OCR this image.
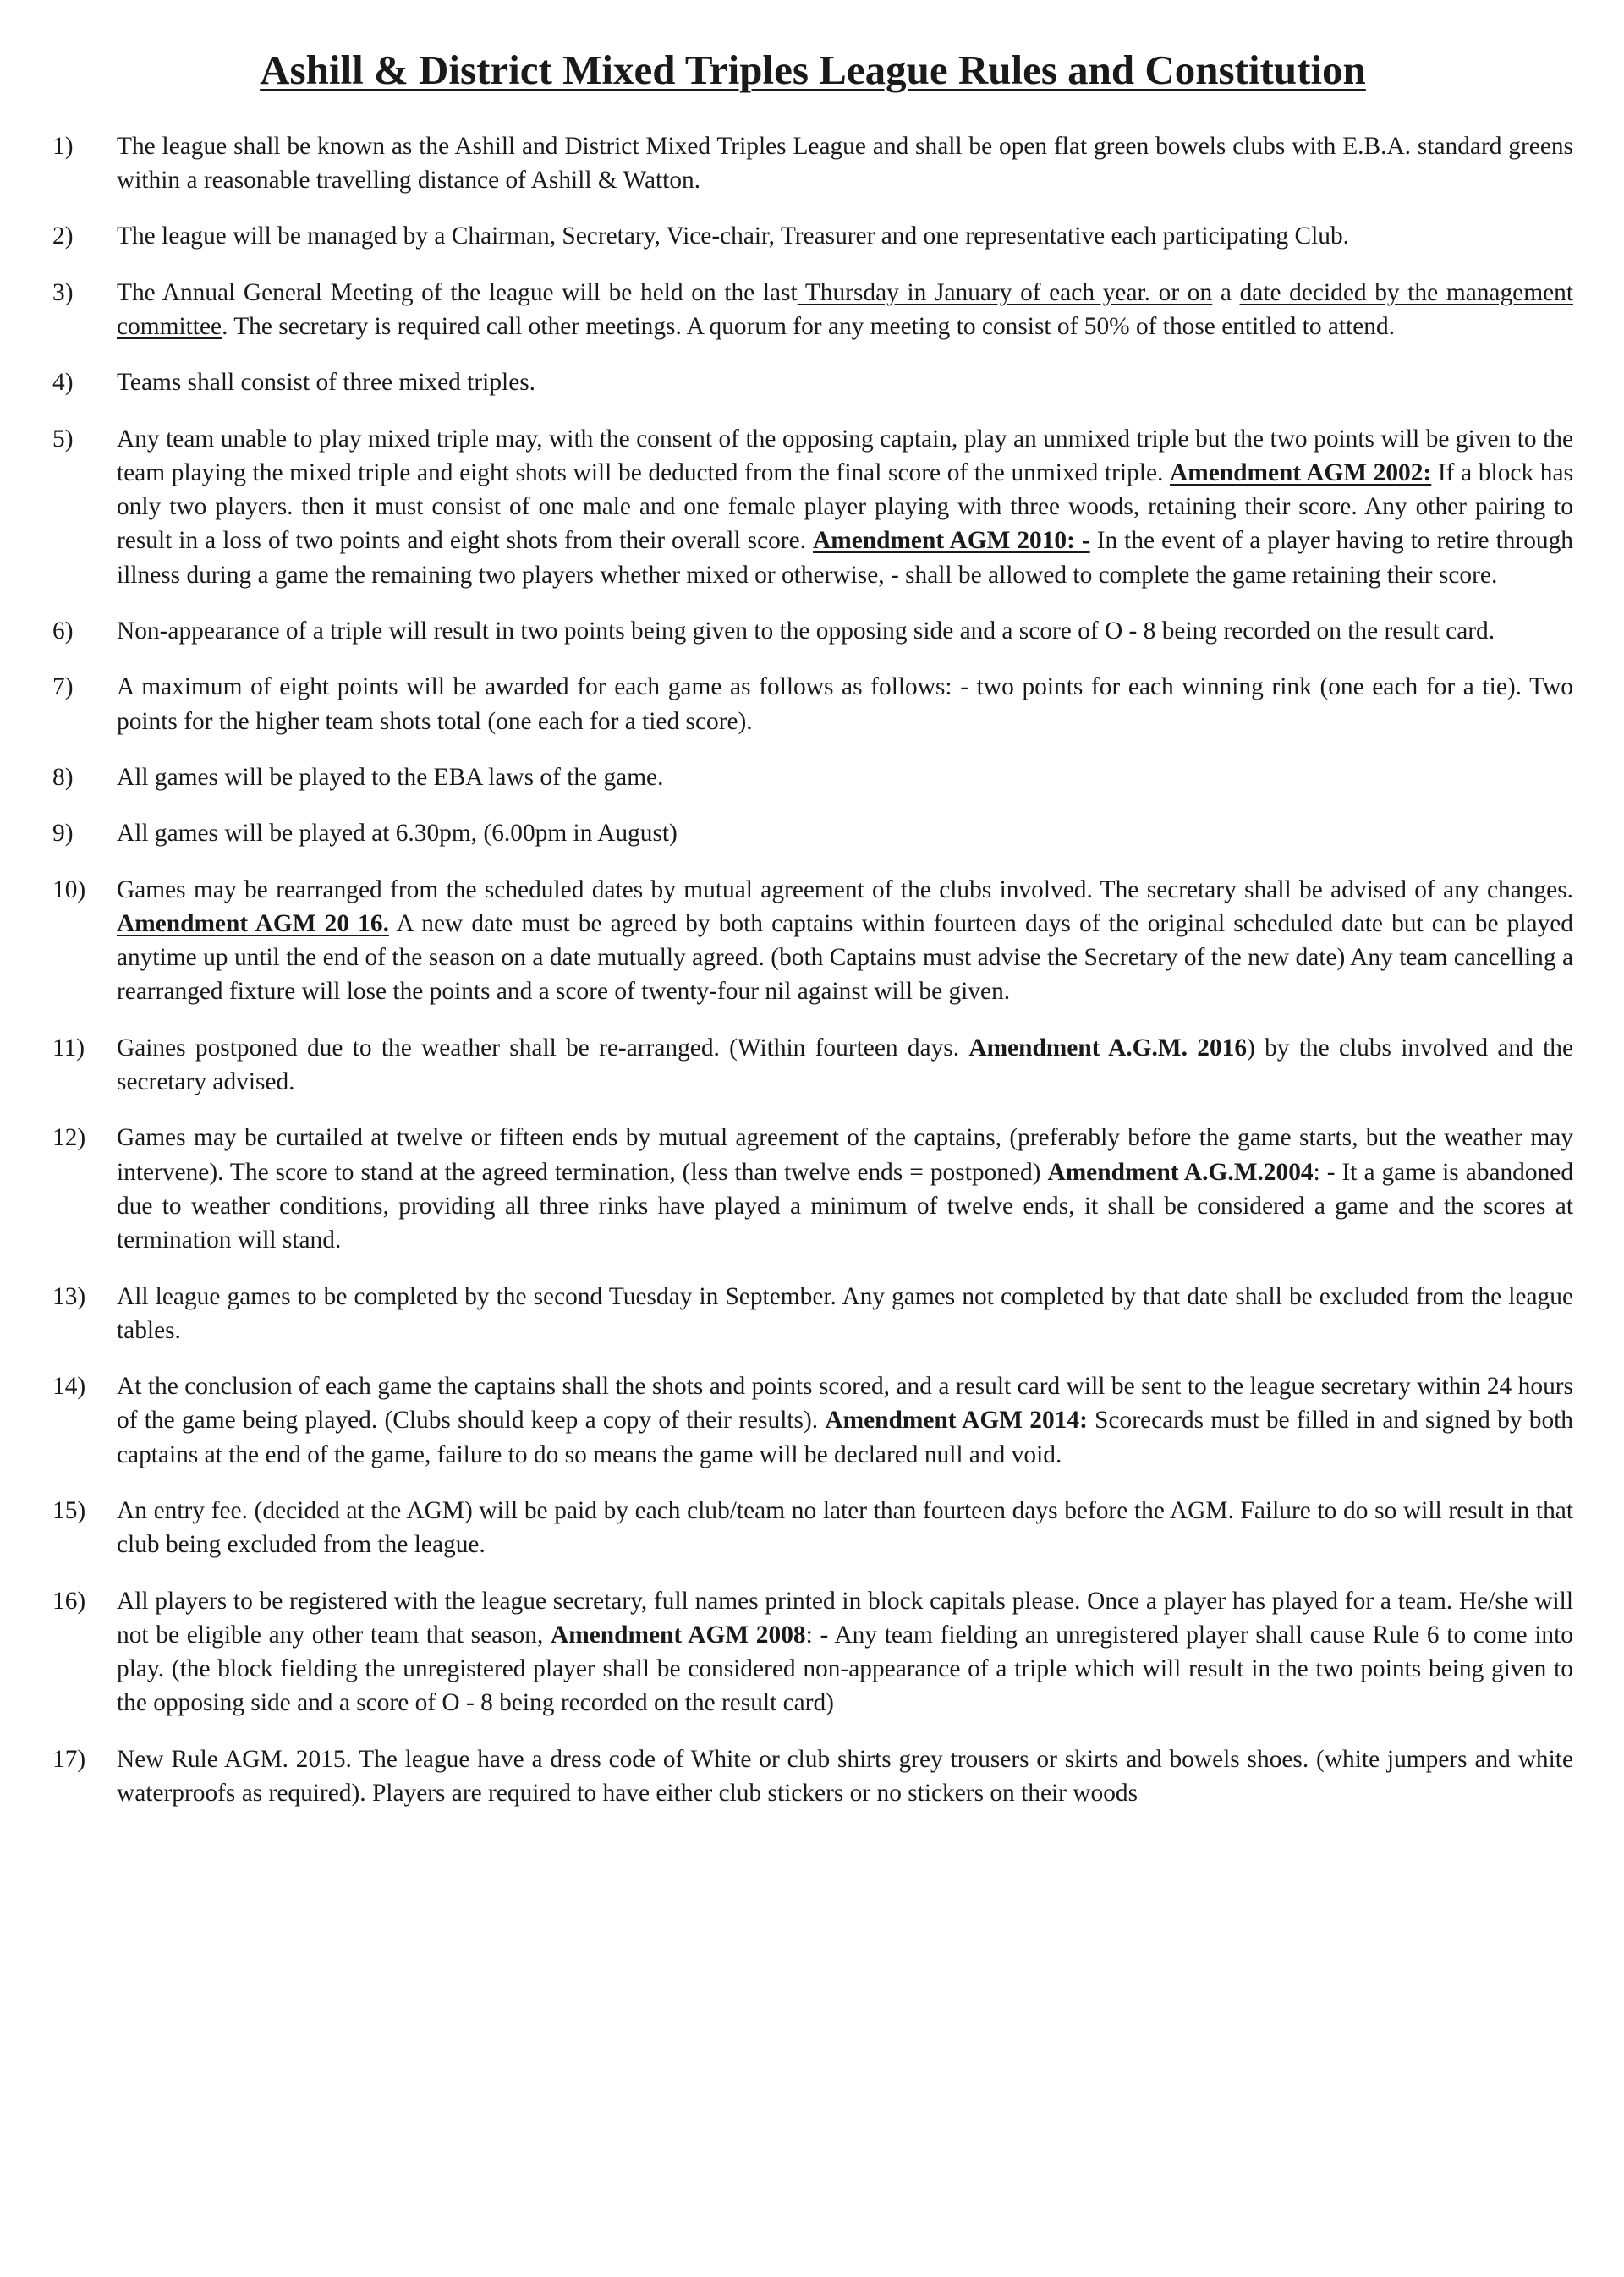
Ashill & District Mixed Triples League Rules and Constitution
1)	The league shall be known as the Ashill and District Mixed Triples League and shall be open flat green bowels clubs with E.B.A. standard greens within a reasonable travelling distance of Ashill & Watton.
2)	The league will be managed by a Chairman, Secretary, Vice-chair, Treasurer and one representative each participating Club.
3)	The Annual General Meeting of the league will be held on the last Thursday in January of each year. or on a date decided by the management committee. The secretary is required call other meetings. A quorum for any meeting to consist of 50% of those entitled to attend.
4)	Teams shall consist of three mixed triples.
5)	Any team unable to play mixed triple may, with the consent of the opposing captain, play an unmixed triple but the two points will be given to the team playing the mixed triple and eight shots will be deducted from the final score of the unmixed triple. Amendment AGM 2002: If a block has only two players. then it must consist of one male and one female player playing with three woods, retaining their score. Any other pairing to result in a loss of two points and eight shots from their overall score. Amendment AGM 2010: - In the event of a player having to retire through illness during a game the remaining two players whether mixed or otherwise, - shall be allowed to complete the game retaining their score.
6)	Non-appearance of a triple will result in two points being given to the opposing side and a score of O - 8 being recorded on the result card.
7)	A maximum of eight points will be awarded for each game as follows as follows: - two points for each winning rink (one each for a tie). Two points for the higher team shots total (one each for a tied score).
8)	All games will be played to the EBA laws of the game.
9)	All games will be played at 6.30pm, (6.00pm in August)
10)	Games may be rearranged from the scheduled dates by mutual agreement of the clubs involved. The secretary shall be advised of any changes. Amendment AGM 20 16. A new date must be agreed by both captains within fourteen days of the original scheduled date but can be played anytime up until the end of the season on a date mutually agreed. (both Captains must advise the Secretary of the new date) Any team cancelling a rearranged fixture will lose the points and a score of twenty-four nil against will be given.
11)	Gaines postponed due to the weather shall be re-arranged. (Within fourteen days. Amendment A.G.M. 2016) by the clubs involved and the secretary advised.
12)	Games may be curtailed at twelve or fifteen ends by mutual agreement of the captains, (preferably before the game starts, but the weather may intervene). The score to stand at the agreed termination, (less than twelve ends = postponed) Amendment A.G.M.2004: - It a game is abandoned due to weather conditions, providing all three rinks have played a minimum of twelve ends, it shall be considered a game and the scores at termination will stand.
13)	All league games to be completed by the second Tuesday in September. Any games not completed by that date shall be excluded from the league tables.
14)	At the conclusion of each game the captains shall the shots and points scored, and a result card will be sent to the league secretary within 24 hours of the game being played. (Clubs should keep a copy of their results). Amendment AGM 2014: Scorecards must be filled in and signed by both captains at the end of the game, failure to do so means the game will be declared null and void.
15)	An entry fee. (decided at the AGM) will be paid by each club/team no later than fourteen days before the AGM. Failure to do so will result in that club being excluded from the league.
16)	All players to be registered with the league secretary, full names printed in block capitals please. Once a player has played for a team. He/she will not be eligible any other team that season, Amendment AGM 2008: - Any team fielding an unregistered player shall cause Rule 6 to come into play. (the block fielding the unregistered player shall be considered non-appearance of a triple which will result in the two points being given to the opposing side and a score of O - 8 being recorded on the result card)
17)	New Rule AGM. 2015. The league have a dress code of White or club shirts grey trousers or skirts and bowels shoes. (white jumpers and white waterproofs as required). Players are required to have either club stickers or no stickers on their woods
